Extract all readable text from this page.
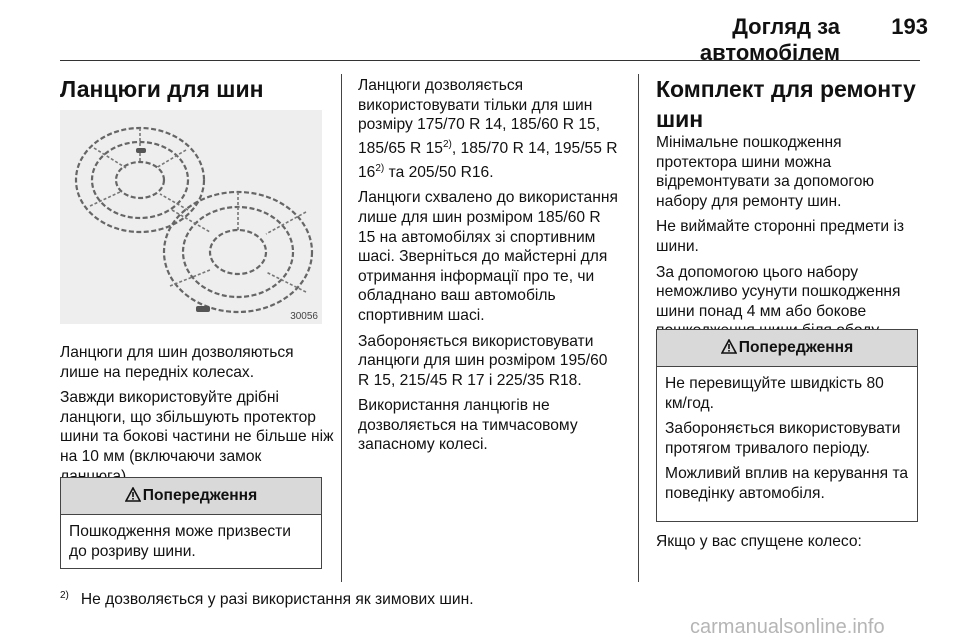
Догляд за автомобілем
193
Ланцюги для шин
30056

Ланцюги для шин дозволяються лише на передніх колесах.

Завжди використовуйте дрібні ланцюги, що збільшують протектор шини та бокові частини не більше ніж на 10 мм (включаючи замок

Попередження

Пошкодження може призвести до розриву шини.

Ланцюги дозволяється використовувати тільки для шин розміру 175/70 R 14, 185/60 R 15, 185/65 R 15$^{2)}$, 185/70 R 14, 195/55 R 16$^{2)}$ та 205/50 R16.

Ланцюги схвалено до використання лише для шин розміром 185/60 R 15 на автомобілях зі спортивним шасі. Зверніться до майстерні для отримання інформації про те, чи обладнано ваш автомобіль спортивним шасі.

Забороняється використовувати ланцюги для шин розміром 195/60 R 15, 215/45 R 17 і 225/35 R18.

Використання ланцюгів не дозволяється на тимчасовому запасному колесі.

Комплект для ремонту шин

Мінімальне пошкодження протектора шини можна відремонтувати за допомогою набору для ремонту шин.

Не виймайте сторонні предмети із шини.

За допомогою цього набору неможливо усунути пошкодження шини понад 4 мм або бокове

Попередження

Не перевищуйте швидкість 80 км/год.

Забороняється використовувати протягом тривалого періоду.

Можливий вплив на керування та поведінку автомобіля.

Якщо у вас спущене колесо:
$^{2)}$ Не дозволяється у разі використання як зимових шин.
carmanualsonline.info
